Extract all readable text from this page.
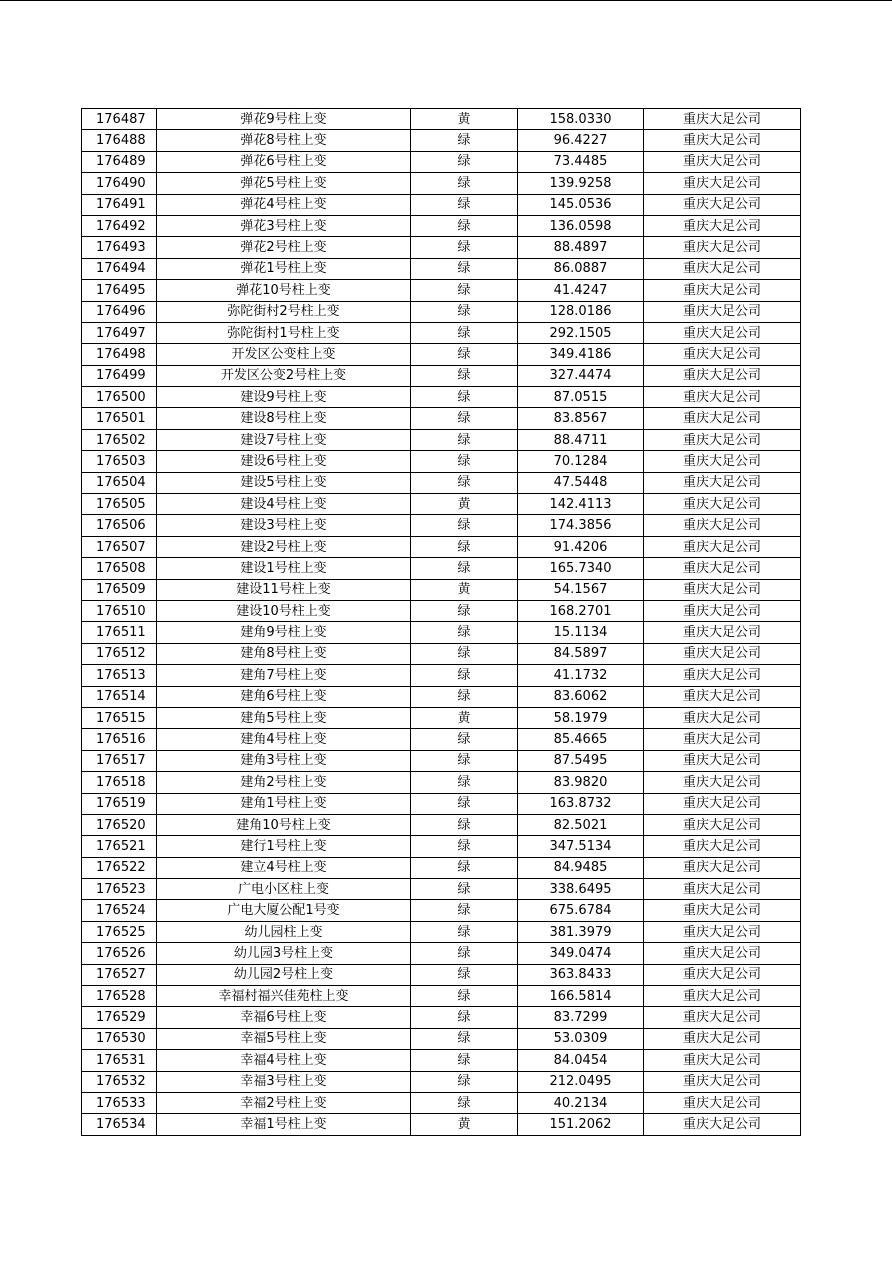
176487	弹花9号柱上变	黄	158.0330	重庆大足公司
176488	弹花8号柱上变	绿	96.4227	重庆大足公司
176489	弹花6号柱上变	绿	73.4485	重庆大足公司
176490	弹花5号柱上变	绿	139.9258	重庆大足公司
176491	弹花4号柱上变	绿	145.0536	重庆大足公司
176492	弹花3号柱上变	绿	136.0598	重庆大足公司
176493	弹花2号柱上变	绿	88.4897	重庆大足公司
176494	弹花1号柱上变	绿	86.0887	重庆大足公司
176495	弹花10号柱上变	绿	41.4247	重庆大足公司
176496	弥陀街村2号柱上变	绿	128.0186	重庆大足公司
176497	弥陀街村1号柱上变	绿	292.1505	重庆大足公司
176498	开发区公变柱上变	绿	349.4186	重庆大足公司
176499	开发区公变2号柱上变	绿	327.4474	重庆大足公司
176500	建设9号柱上变	绿	87.0515	重庆大足公司
176501	建设8号柱上变	绿	83.8567	重庆大足公司
176502	建设7号柱上变	绿	88.4711	重庆大足公司
176503	建设6号柱上变	绿	70.1284	重庆大足公司
176504	建设5号柱上变	绿	47.5448	重庆大足公司
176505	建设4号柱上变	黄	142.4113	重庆大足公司
176506	建设3号柱上变	绿	174.3856	重庆大足公司
176507	建设2号柱上变	绿	91.4206	重庆大足公司
176508	建设1号柱上变	绿	165.7340	重庆大足公司
176509	建设11号柱上变	黄	54.1567	重庆大足公司
176510	建设10号柱上变	绿	168.2701	重庆大足公司
176511	建角9号柱上变	绿	15.1134	重庆大足公司
176512	建角8号柱上变	绿	84.5897	重庆大足公司
176513	建角7号柱上变	绿	41.1732	重庆大足公司
176514	建角6号柱上变	绿	83.6062	重庆大足公司
176515	建角5号柱上变	黄	58.1979	重庆大足公司
176516	建角4号柱上变	绿	85.4665	重庆大足公司
176517	建角3号柱上变	绿	87.5495	重庆大足公司
176518	建角2号柱上变	绿	83.9820	重庆大足公司
176519	建角1号柱上变	绿	163.8732	重庆大足公司
176520	建角10号柱上变	绿	82.5021	重庆大足公司
176521	建行1号柱上变	绿	347.5134	重庆大足公司
176522	建立4号柱上变	绿	84.9485	重庆大足公司
176523	广电小区柱上变	绿	338.6495	重庆大足公司
176524	广电大厦公配1号变	绿	675.6784	重庆大足公司
176525	幼儿园柱上变	绿	381.3979	重庆大足公司
176526	幼儿园3号柱上变	绿	349.0474	重庆大足公司
176527	幼儿园2号柱上变	绿	363.8433	重庆大足公司
176528	幸福村福兴佳苑柱上变	绿	166.5814	重庆大足公司
176529	幸福6号柱上变	绿	83.7299	重庆大足公司
176530	幸福5号柱上变	绿	53.0309	重庆大足公司
176531	幸福4号柱上变	绿	84.0454	重庆大足公司
176532	幸福3号柱上变	绿	212.0495	重庆大足公司
176533	幸福2号柱上变	绿	40.2134	重庆大足公司
176534	幸福1号柱上变	黄	151.2062	重庆大足公司
